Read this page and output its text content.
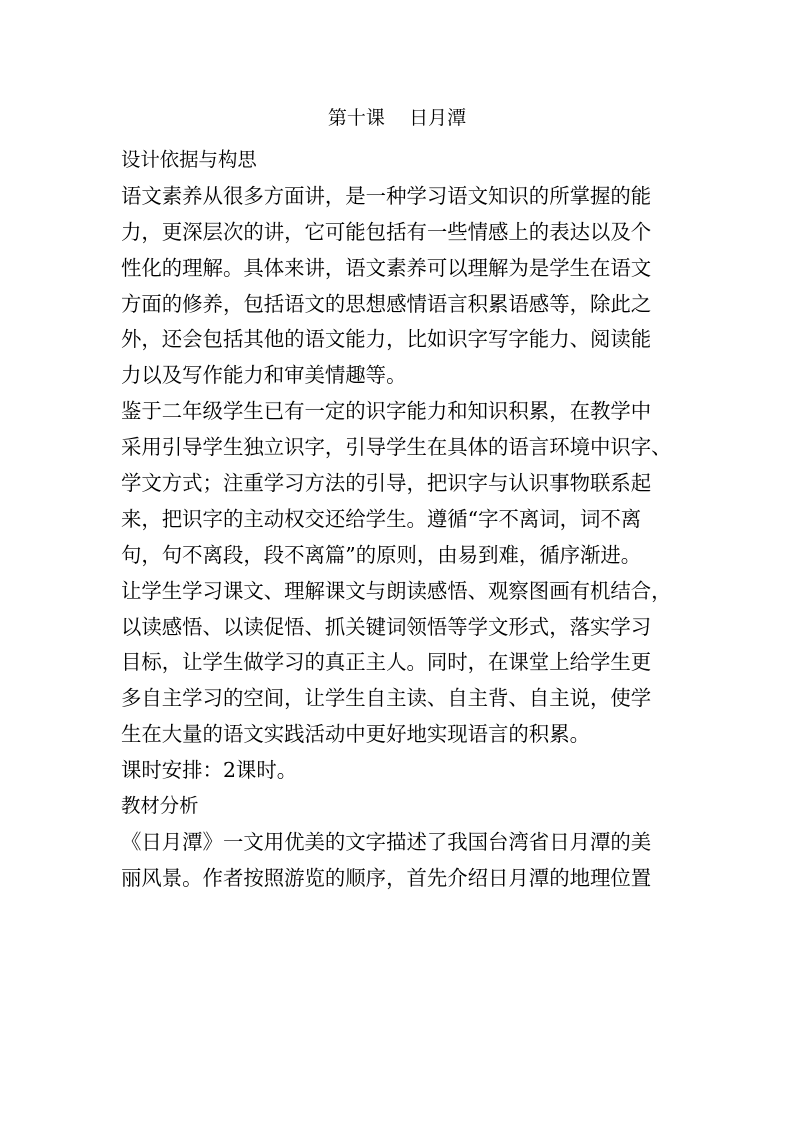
第十课    日月潭
设计依据与构思
语文素养从很多方面讲，是一种学习语文知识的所掌握的能
力，更深层次的讲，它可能包括有一些情感上的表达以及个
性化的理解。具体来讲，语文素养可以理解为是学生在语文
方面的修养，包括语文的思想感情语言积累语感等，除此之
外，还会包括其他的语文能力，比如识字写字能力、阅读能
力以及写作能力和审美情趣等。
鉴于二年级学生已有一定的识字能力和知识积累，在教学中
采用引导学生独立识字，引导学生在具体的语言环境中识字、
学文方式；注重学习方法的引导，把识字与认识事物联系起
来，把识字的主动权交还给学生。遵循“字不离词，词不离
句，句不离段，段不离篇”的原则，由易到难，循序渐进。
让学生学习课文、理解课文与朗读感悟、观察图画有机结合，
以读感悟、以读促悟、抓关键词领悟等学文形式，落实学习
目标，让学生做学习的真正主人。同时，在课堂上给学生更
多自主学习的空间，让学生自主读、自主背、自主说，使学
生在大量的语文实践活动中更好地实现语言的积累。
课时安排：2课时。
教材分析
《日月潭》一文用优美的文字描述了我国台湾省日月潭的美
丽风景。作者按照游览的顺序，首先介绍日月潭的地理位置
